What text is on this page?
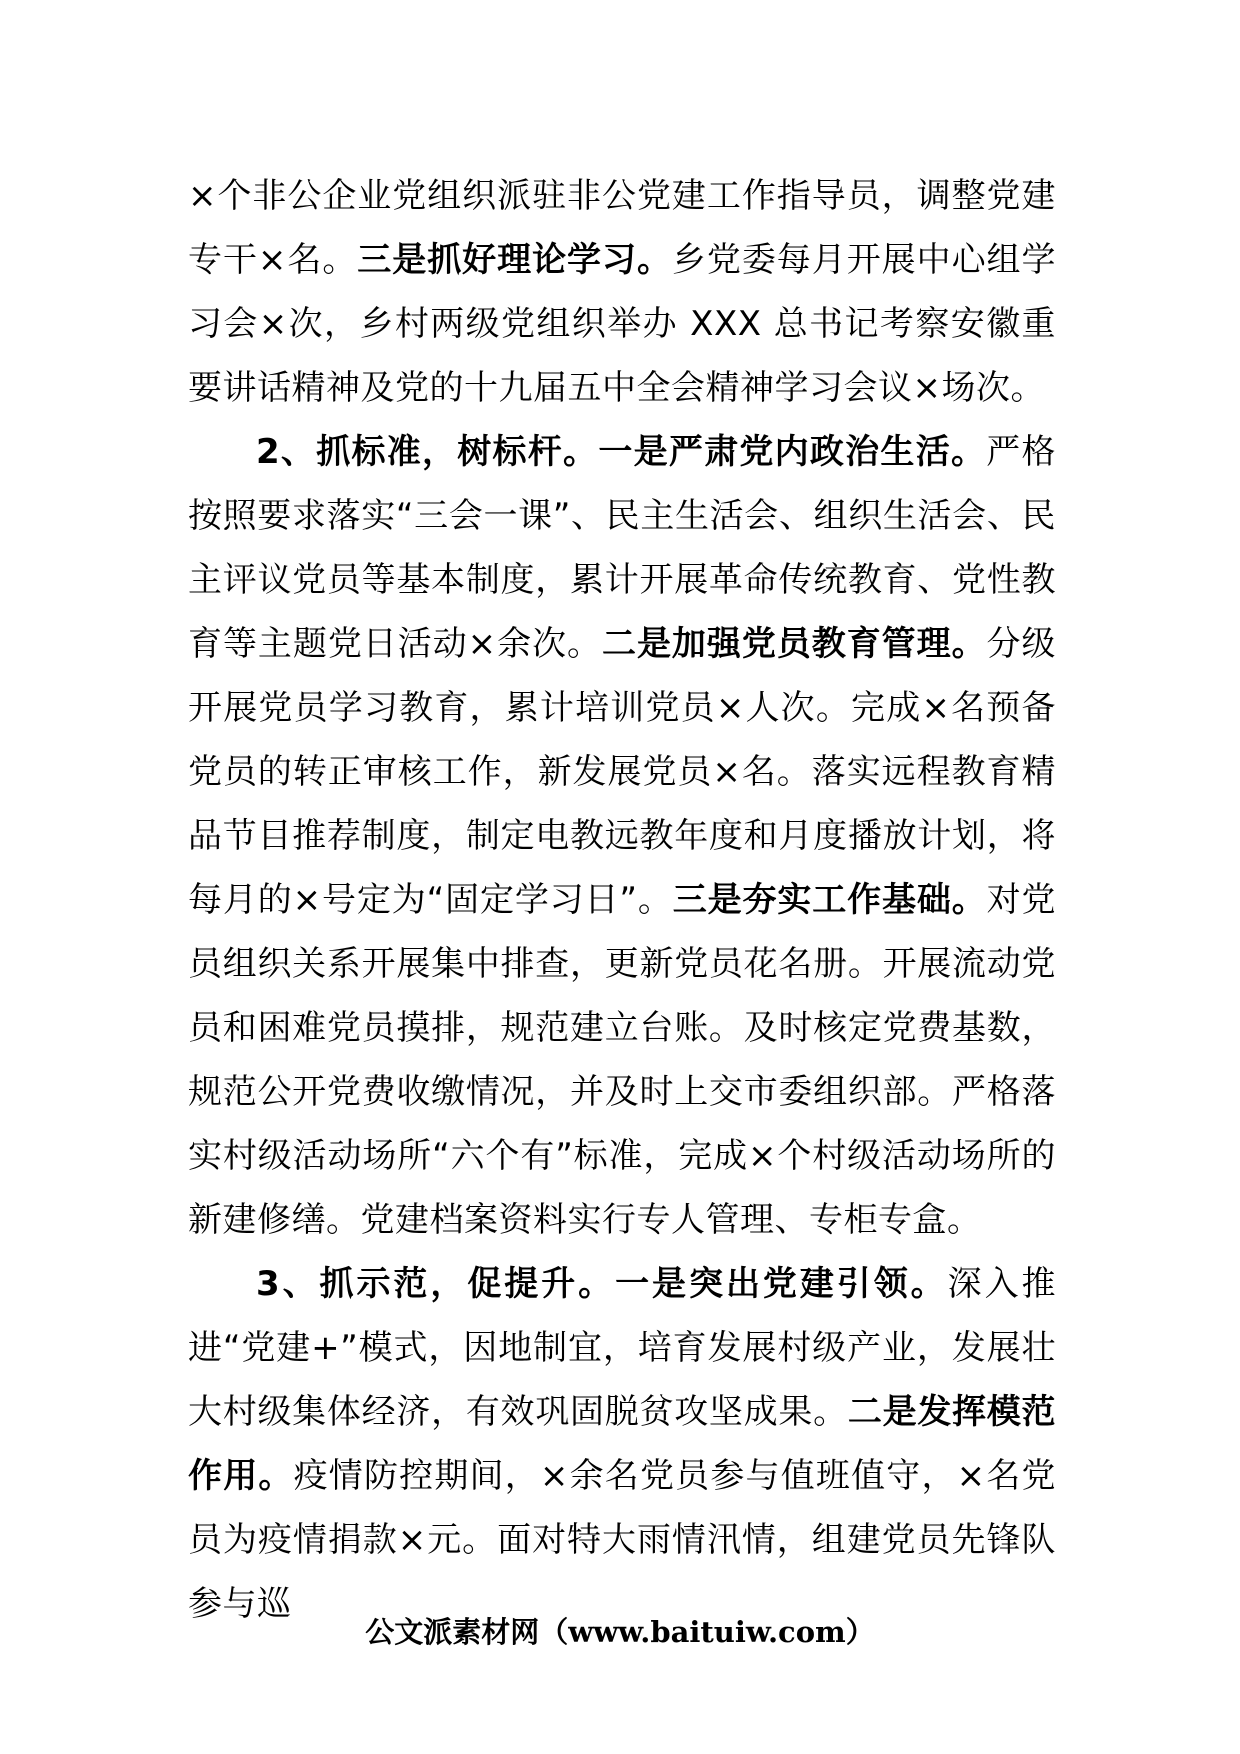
×个非公企业党组织派驻非公党建工作指导员，调整党建专干×名。三是抓好理论学习。乡党委每月开展中心组学习会×次，乡村两级党组织举办 XXX 总书记考察安徽重要讲话精神及党的十九届五中全会精神学习会议×场次。

2、抓标准，树标杆。一是严肃党内政治生活。严格按照要求落实“三会一课”、民主生活会、组织生活会、民主评议党员等基本制度，累计开展革命传统教育、党性教育等主题党日活动×余次。二是加强党员教育管理。分级开展党员学习教育，累计培训党员×人次。完成×名预备党员的转正审核工作，新发展党员×名。落实远程教育精品节目推荐制度，制定电教远教年度和月度播放计划，将每月的×号定为“固定学习日”。三是夯实工作基础。对党员组织关系开展集中排查，更新党员花名册。开展流动党员和困难党员摸排，规范建立台账。及时核定党费基数，规范公开党费收缴情况，并及时上交市委组织部。严格落实村级活动场所“六个有”标准，完成×个村级活动场所的新建修缮。党建档案资料实行专人管理、专柜专盒。

3、抓示范，促提升。一是突出党建引领。深入推进“党建+”模式，因地制宜，培育发展村级产业，发展壮大村级集体经济，有效巩固脱贫攻坚成果。二是发挥模范作用。疫情防控期间，×余名党员参与值班值守，×名党员为疫情捐款×元。面对特大雨情汛情，组建党员先锋队参与巡

公文派素材网（www.baituiw.com）
